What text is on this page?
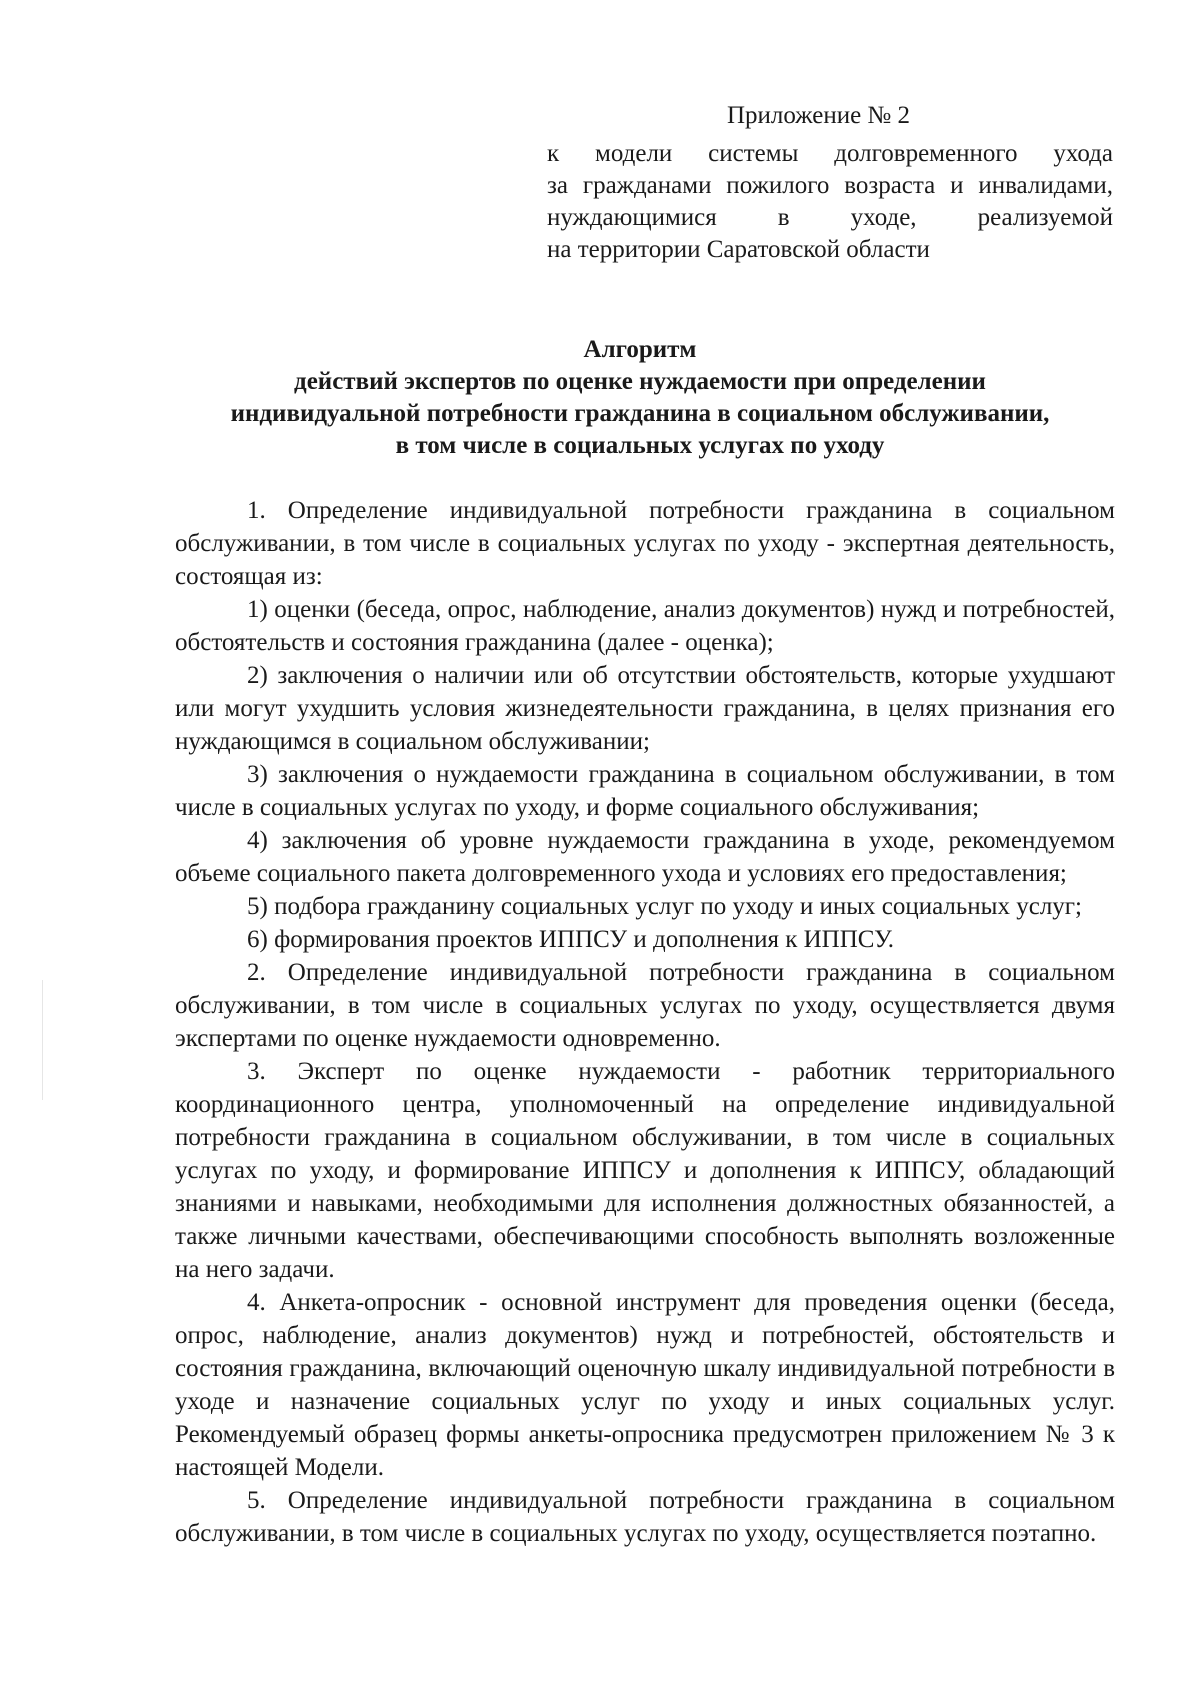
Приложение № 2
к модели системы долговременного ухода
за гражданами пожилого возраста и инвалидами,
нуждающимися в уходе, реализуемой
на территории Саратовской области
Алгоритм
действий экспертов по оценке нуждаемости при определении
индивидуальной потребности гражданина в социальном обслуживании,
в том числе в социальных услугах по уходу

1. Определение индивидуальной потребности гражданина в социальном обслуживании, в том числе в социальных услугах по уходу - экспертная деятельность, состоящая из:

1) оценки (беседа, опрос, наблюдение, анализ документов) нужд и потребностей, обстоятельств и состояния гражданина (далее - оценка);

2) заключения о наличии или об отсутствии обстоятельств, которые ухудшают или могут ухудшить условия жизнедеятельности гражданина, в целях признания его нуждающимся в социальном обслуживании;

3) заключения о нуждаемости гражданина в социальном обслуживании, в том числе в социальных услугах по уходу, и форме социального обслуживания;

4) заключения об уровне нуждаемости гражданина в уходе, рекомендуемом объеме социального пакета долговременного ухода и условиях его предоставления;

5) подбора гражданину социальных услуг по уходу и иных социальных услуг;

6) формирования проектов ИППСУ и дополнения к ИППСУ.

2. Определение индивидуальной потребности гражданина в социальном обслуживании, в том числе в социальных услугах по уходу, осуществляется двумя экспертами по оценке нуждаемости одновременно.

3. Эксперт по оценке нуждаемости - работник территориального координационного центра, уполномоченный на определение индивидуальной потребности гражданина в социальном обслуживании, в том числе в социальных услугах по уходу, и формирование ИППСУ и дополнения к ИППСУ, обладающий знаниями и навыками, необходимыми для исполнения должностных обязанностей, а также личными качествами, обеспечивающими способность выполнять возложенные на него задачи.

4. Анкета-опросник - основной инструмент для проведения оценки (беседа, опрос, наблюдение, анализ документов) нужд и потребностей, обстоятельств и состояния гражданина, включающий оценочную шкалу индивидуальной потребности в уходе и назначение социальных услуг по уходу и иных социальных услуг. Рекомендуемый образец формы анкеты-опросника предусмотрен приложением № 3 к настоящей Модели.

5. Определение индивидуальной потребности гражданина в социальном обслуживании, в том числе в социальных услугах по уходу, осуществляется поэтапно.
